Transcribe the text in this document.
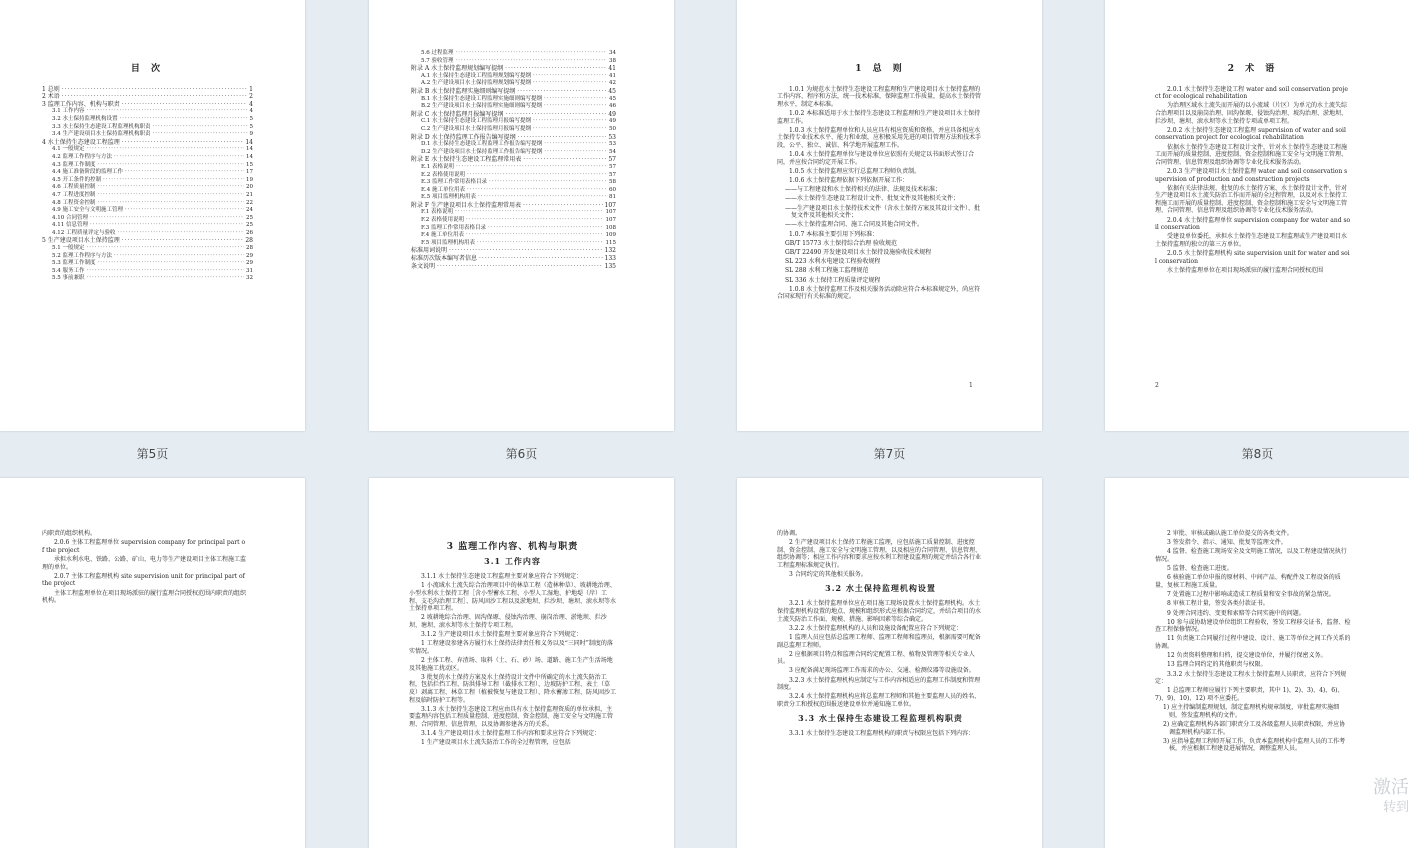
目 次
1 总则 ·····	1
2 术语 ·····	2
3 监理工作内容、机构与职责 ·····	4
3.1 工作内容 ·····	4
3.2 水土保持监理机构设置 ·····	5
3.3 水土保持生态建设工程监理机构职责 ·····	5
3.4 生产建设项目水土保持监理机构职责 ·····	9
4 水土保持生态建设工程监理 ·····	14
4.1 一般规定 ·····	14
4.2 监理工作程序与方法 ·····	14
4.3 监理工作制度 ·····	15
4.4 施工准备阶段的监理工作 ·····	17
4.5 开工条件的控制 ·····	19
4.6 工程质量控制 ·····	20
4.7 工程进度控制 ·····	21
4.8 工程资金控制 ·····	22
4.9 施工安全与文明施工管理 ·····	24
4.10 合同管理 ·····	25
4.11 信息管理 ·····	25
4.12 工程质量评定与验收 ·····	26
5 生产建设项目水土保持监理 ·····	28
5.1 一般规定 ·····	28
5.2 监理工作程序与方法 ·····	29
5.3 监理工作制度 ·····	29
5.4 服务工作 ·····	31
5.5 事前兼职 ·····	32
第5页
5.6 过程监理 ·····	34
5.7 验收管理 ·····	38
附录 A 水土保持监理规划编写提纲 ·····	41
A.1 水土保持生态建设工程监理规划编写提纲 ·····	41
A.2 生产建设项目水土保持监理规划编写提纲 ·····	42
附录 B 水土保持监理实施细则编写提纲 ·····	45
B.1 水土保持生态建设工程监理实施细则编写提纲 ·····	45
B.2 生产建设项目水土保持监理实施细则编写提纲 ·····	46
附录 C 水土保持监理月报编写提纲 ·····	49
C.1 水土保持生态建设工程监理月报编写提纲 ·····	49
C.2 生产建设项目水土保持监理月报编写提纲 ·····	50
附录 D 水土保持监理工作报告编写提纲 ·····	53
D.1 水土保持生态建设工程监理工作报告编写提纲 ·····	53
D.2 生产建设项目水土保持监理工作报告编写提纲 ·····	54
附录 E 水土保持生态建设工程监理常用表 ·····	57
E.1 表格说明 ·····	57
E.2 表格使用说明 ·····	57
E.3 监理工作常用表格目录 ·····	58
E.4 施工单位用表 ·····	60
E.5 项目监理机构用表 ·····	81
附录 F 生产建设项目水土保持监理常用表 ·····	107
F.1 表格说明 ·····	107
F.2 表格使用说明 ·····	107
F.3 监理工作常用表格目录 ·····	108
F.4 施工单位用表 ·····	109
F.5 项目监理机构用表 ·····	115
标准用词说明 ·····	132
标准历次版本编写者信息 ·····	133
条文说明 ·····	135
第6页
1 总 则
1.0.1 为规范水土保持生态建设工程监理和生产建设项目水土保持监理的工作内容、程序和方法，统一技术标准，保障监理工作质量，提高水土保持管理水平，制定本标准。
1.0.2 本标准适用于水土保持生态建设工程监理和生产建设项目水土保持监理工作。
1.0.3 水土保持监理单位和人员应具有相应资质和资格，并应具备相应水土保持专业技术水平、能力和业绩，应积极采用先进的项目管理方法和技术手段，公平、独立、诚信、科学地开展监理工作。
1.0.4 水土保持监理单位与建设单位应依照有关规定以书面形式签订合同，并应按合同约定开展工作。
1.0.5 水土保持监理应实行总监理工程师负责制。
1.0.6 水土保持监理依据下列依据开展工作：
——与工程建设和水土保持相关的法律、法规及技术标准；
——水土保持生态建设工程设计文件、批复文件及其他相关文件；
——生产建设项目水土保持技术文件（含水土保持方案及其设计文件）、批复文件及其他相关文件；
——水土保持监理合同、施工合同及其他合同文件。
1.0.7 本标准主要引用下列标准：
GB/T 15773 水土保持综合治理 验收规范
GB/T 22490 开发建设项目水土保持设施验收技术规程
SL 223 水利水电建设工程验收规程
SL 288 水利工程施工监理规范
SL 336 水土保持工程质量评定规程
1.0.8 水土保持监理工作及相关服务活动除应符合本标准规定外，尚应符合国家现行有关标准的规定。
1
第7页
2 术 语
2.0.1 水土保持生态建设工程 water and soil conservation project for ecological rehabilitation
为治理区域水土流失而开展的以小流域（片区）为单元的水土流失综合治理项目以及崩岗治理、固沟保塬、侵蚀沟治理、坡沟治理、淤地坝、拦沙坝、塘坝、滚水坝等水土保持专项或单项工程。
2.0.2 水土保持生态建设工程监理 supervision of water and soil conservation project for ecological rehabilitation
依据水土保持生态建设工程设计文件，针对水土保持生态建设工程施工而开展的质量控制、进度控制、资金控制和施工安全与文明施工管理、合同管理、信息管理及组织协调等专业化技术服务活动。
2.0.3 生产建设项目水土保持监理 water and soil conservation supervision of production and construction projects
依据有关法律法规、批复的水土保持方案、水土保持设计文件，针对生产建设项目水土流失防治工作而开展的全过程管理，以及对水土保持工程施工而开展的质量控制、进度控制、资金控制和施工安全与文明施工管理、合同管理、信息管理及组织协调等专业化技术服务活动。
2.0.4 水土保持监理单位 supervision company for water and soil conservation
受建设单位委托，承担水土保持生态建设工程监理或生产建设项目水土保持监理的独立的第三方单位。
2.0.5 水土保持监理机构 site supervision unit for water and soil conservation
水土保持监理单位在项目现场派驻的履行监理合同授权范围
2
第8页
内职责的组织机构。
2.0.6 主体工程监理单位 supervision company for principal part of the project
承担水利水电、铁路、公路、矿山、电力等生产建设项目主体工程施工监理的单位。
2.0.7 主体工程监理机构 site supervision unit for principal part of the project
主体工程监理单位在项目现场派驻的履行监理合同授权范围内职责的组织机构。
3 监理工作内容、机构与职责
3.1 工作内容
3.1.1 水土保持生态建设工程监理主要对象应符合下列规定：
1 小流域水土流失综合治理项目中的林草工程（造林种草）、坡耕地治理、小型水利水土保持工程［含小型蓄水工程、小型人工湿地、护地堤（岸）工程、支毛沟治理工程］、防风固沙工程以及淤地坝、拦沙坝、塘坝、滚水坝等水土保持单项工程。
2 坡耕地综合治理、固沟保塬、侵蚀沟治理、崩岗治理、淤地坝、拦沙坝、塘坝、滚水坝等水土保持专项工程。
3.1.2 生产建设项目水土保持监理主要对象应符合下列规定：
1 工程建设参建各方履行水土保持法律责任和义务以及“三同时”制度的落实情况。
2 主体工程、弃渣场、取料（土、石、砂）场、道路、施工生产生活场地及其他施工扰动区。
3 批复的水土保持方案及水土保持设计文件中所确定的水土流失防治工程，包括拦挡工程、防洪排导工程（截排水工程）、边坡防护工程、表土（草皮）剥离工程、林草工程（植被恢复与建设工程）、降水蓄渗工程、防风固沙工程及临时防护工程等。
3.1.3 水土保持生态建设工程应由具有水土保持监理资质的单位承担，主要监理内容包括工程质量控制、进度控制、资金控制、施工安全与文明施工管理、合同管理、信息管理，以及协调参建各方的关系。
3.1.4 生产建设项目水土保持监理工作内容和要求应符合下列规定：
1 生产建设项目水土流失防治工作的全过程管理，应包括
的协调。
2 生产建设项目水土保持工程施工监理，应包括施工质量控制、进度控制、资金控制、施工安全与文明施工管理，以及相应的合同管理、信息管理、组织协调等；相应工作内容和要求应按水利工程建设监理的规定并结合各行业工程监理标准规定执行。
3 合同约定的其他相关服务。
3.2 水土保持监理机构设置
3.2.1 水土保持监理单位应在项目施工现场设置水土保持监理机构。水土保持监理机构设置的地点、规模和组织形式应根据合同约定，并结合项目的水土流失防治工作面、规模、措施、影响因素等综合确定。
3.2.2 水土保持监理机构的人员和设施设备配置应符合下列规定：
1 监理人员应包括总监理工程师、监理工程师和监理员，根据需要可配备副总监理工程师。
2 应根据项目特点和监理合同约定配置工程、植物及管理等相关专业人员。
3 应配备满足现场监理工作需求的办公、交通、检测仪器等设施设备。
3.2.3 水土保持监理机构应制定与工作内容相适应的监理工作制度和管理制度。
3.2.4 水土保持监理机构应将总监理工程师和其他主要监理人员的姓名、职责分工和授权范围报送建设单位并通知施工单位。
3.3 水土保持生态建设工程监理机构职责
3.3.1 水土保持生态建设工程监理机构的职责与权限应包括下列内容：
2 审批、审核或确认施工单位提交的各类文件。
3 签发指令、指示、通知、批复等监理文件。
4 监督、检查施工现场安全及文明施工情况，以及工程建设情况执行情况。
5 监督、检查施工进度。
6 核验施工单位申报的原材料、中间产品、构配件及工程设备的质量，复核工程施工质量。
7 处置施工过程中影响或造成工程质量和安全事故的紧急情况。
8 审核工程计量，签发各类付款证书。
9 处理合同违约、变更和索赔等合同实施中的问题。
10 参与或协助建设单位组织工程验收，签发工程移交证书，监督、检查工程保修情况。
11 负责施工合同履行过程中建设、设计、施工等单位之间工作关系的协调。
12 负责资料整理和归档，提交建设单位，并履行保密义务。
13 监理合同约定的其他职责与权限。
3.3.2 水土保持生态建设工程水土保持监理人员职责，应符合下列规定：
1 总监理工程师应履行下列主要职责，其中 1)、2)、3)、4)、6)、7)、9)、10)、12) 项不应委托。
1) 应主持编制监理规划，制定监理机构规章制度，审批监理实施细则，签发监理机构的文件。
2) 应确定监理机构各部门职责分工及各级监理人员职责权限，并应协调监理机构内部工作。
3) 应指导监理工程师开展工作，负责本监理机构中监理人员的工作考核，并应根据工程建设进展情况，调整监理人员。
激活
转到
